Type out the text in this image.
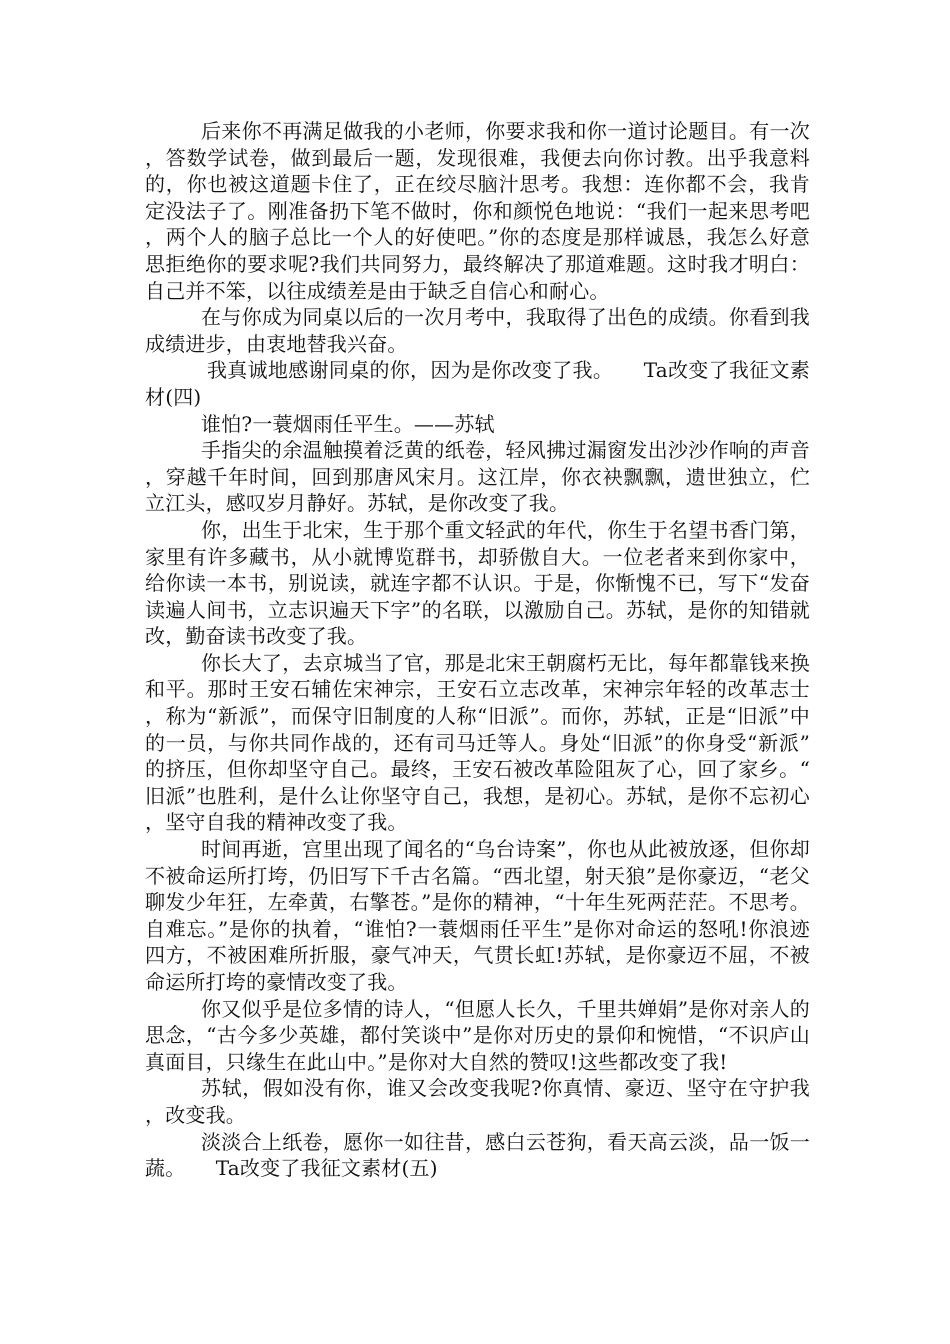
后来你不再满足做我的小老师，你要求我和你一道讨论题目。有一次，答数学试卷，做到最后一题，发现很难，我便去向你讨教。出乎我意料的，你也被这道题卡住了，正在绞尽脑汁思考。我想：连你都不会，我肯定没法子了。刚准备扔下笔不做时，你和颜悦色地说：“我们一起来思考吧，两个人的脑子总比一个人的好使吧。”你的态度是那样诚恳，我怎么好意思拒绝你的要求呢?我们共同努力，最终解决了那道难题。这时我才明白：自己并不笨，以往成绩差是由于缺乏自信心和耐心。

在与你成为同桌以后的一次月考中，我取得了出色的成绩。你看到我成绩进步，由衷地替我兴奋。

我真诚地感谢同桌的你，因为是你改变了我。　　Ta改变了我征文素材(四)

谁怕?一蓑烟雨任平生。——苏轼

手指尖的余温触摸着泛黄的纸卷，轻风拂过漏窗发出沙沙作响的声音，穿越千年时间，回到那唐风宋月。这江岸，你衣袂飘飘，遗世独立，伫立江头，感叹岁月静好。苏轼，是你改变了我。

你，出生于北宋，生于那个重文轻武的年代，你生于名望书香门第，家里有许多藏书，从小就博览群书，却骄傲自大。一位老者来到你家中，给你读一本书，别说读，就连字都不认识。于是，你惭愧不已，写下“发奋读遍人间书，立志识遍天下字”的名联，以激励自己。苏轼，是你的知错就改，勤奋读书改变了我。

你长大了，去京城当了官，那是北宋王朝腐朽无比，每年都靠钱来换和平。那时王安石辅佐宋神宗，王安石立志改革，宋神宗年轻的改革志士，称为“新派”，而保守旧制度的人称“旧派”。而你，苏轼，正是“旧派”中的一员，与你共同作战的，还有司马迁等人。身处“旧派”的你身受“新派”的挤压，但你却坚守自己。最终，王安石被改革险阻灰了心，回了家乡。“旧派”也胜利，是什么让你坚守自己，我想，是初心。苏轼，是你不忘初心，坚守自我的精神改变了我。

时间再逝，宫里出现了闻名的“乌台诗案”，你也从此被放逐，但你却不被命运所打垮，仍旧写下千古名篇。“西北望，射天狼”是你豪迈，“老父聊发少年狂，左牵黄，右擎苍。”是你的精神，“十年生死两茫茫。不思考。自难忘。”是你的执着，“谁怕?一蓑烟雨任平生”是你对命运的怒吼!你浪迹四方，不被困难所折服，豪气冲天，气贯长虹!苏轼，是你豪迈不屈，不被命运所打垮的豪情改变了我。

你又似乎是位多情的诗人，“但愿人长久，千里共婵娟”是你对亲人的思念，“古今多少英雄，都付笑谈中”是你对历史的景仰和惋惜，“不识庐山真面目，只缘生在此山中。”是你对大自然的赞叹!这些都改变了我!

苏轼，假如没有你，谁又会改变我呢?你真情、豪迈、坚守在守护我，改变我。

淡淡合上纸卷，愿你一如往昔，感白云苍狗，看天高云淡，品一饭一蔬。　　Ta改变了我征文素材(五)
